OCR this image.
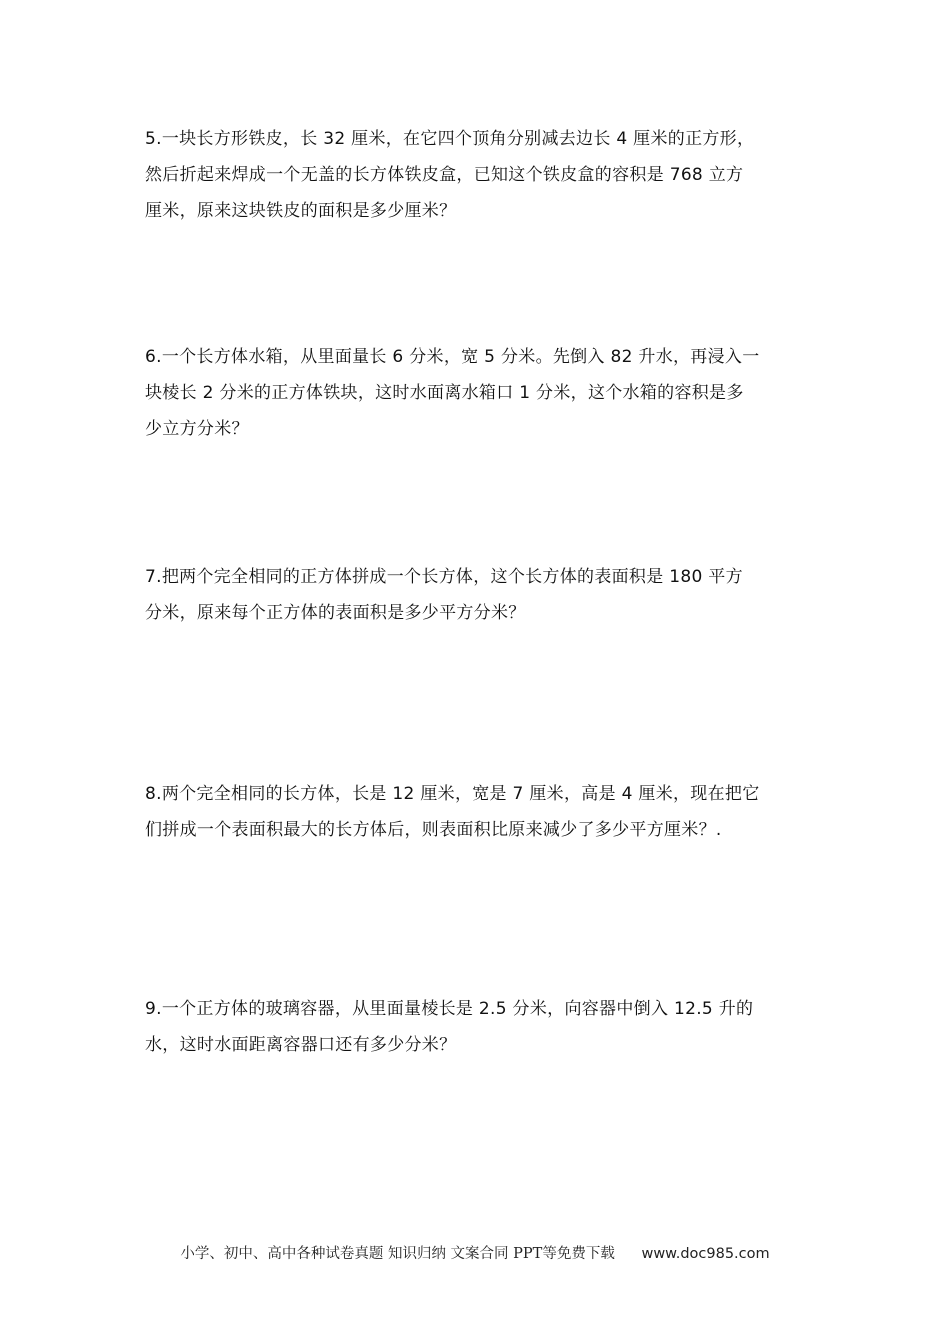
5.一块长方形铁皮，长 32 厘米，在它四个顶角分别减去边长 4 厘米的正方形，
然后折起来焊成一个无盖的长方体铁皮盒，已知这个铁皮盒的容积是 768 立方
厘米，原来这块铁皮的面积是多少厘米？
6.一个长方体水箱，从里面量长 6 分米，宽 5 分米。先倒入 82 升水，再浸入一
块棱长 2 分米的正方体铁块，这时水面离水箱口 1 分米，这个水箱的容积是多
少立方分米？
7.把两个完全相同的正方体拼成一个长方体，这个长方体的表面积是 180 平方
分米，原来每个正方体的表面积是多少平方分米？
8.两个完全相同的长方体，长是 12 厘米，宽是 7 厘米，高是 4 厘米，现在把它
们拼成一个表面积最大的长方体后，则表面积比原来减少了多少平方厘米？.
9.一个正方体的玻璃容器，从里面量棱长是 2.5 分米，向容器中倒入 12.5 升的
水，这时水面距离容器口还有多少分米？
小学、初中、高中各种试卷真题 知识归纳 文案合同 PPT等免费下载 www.doc985.com
